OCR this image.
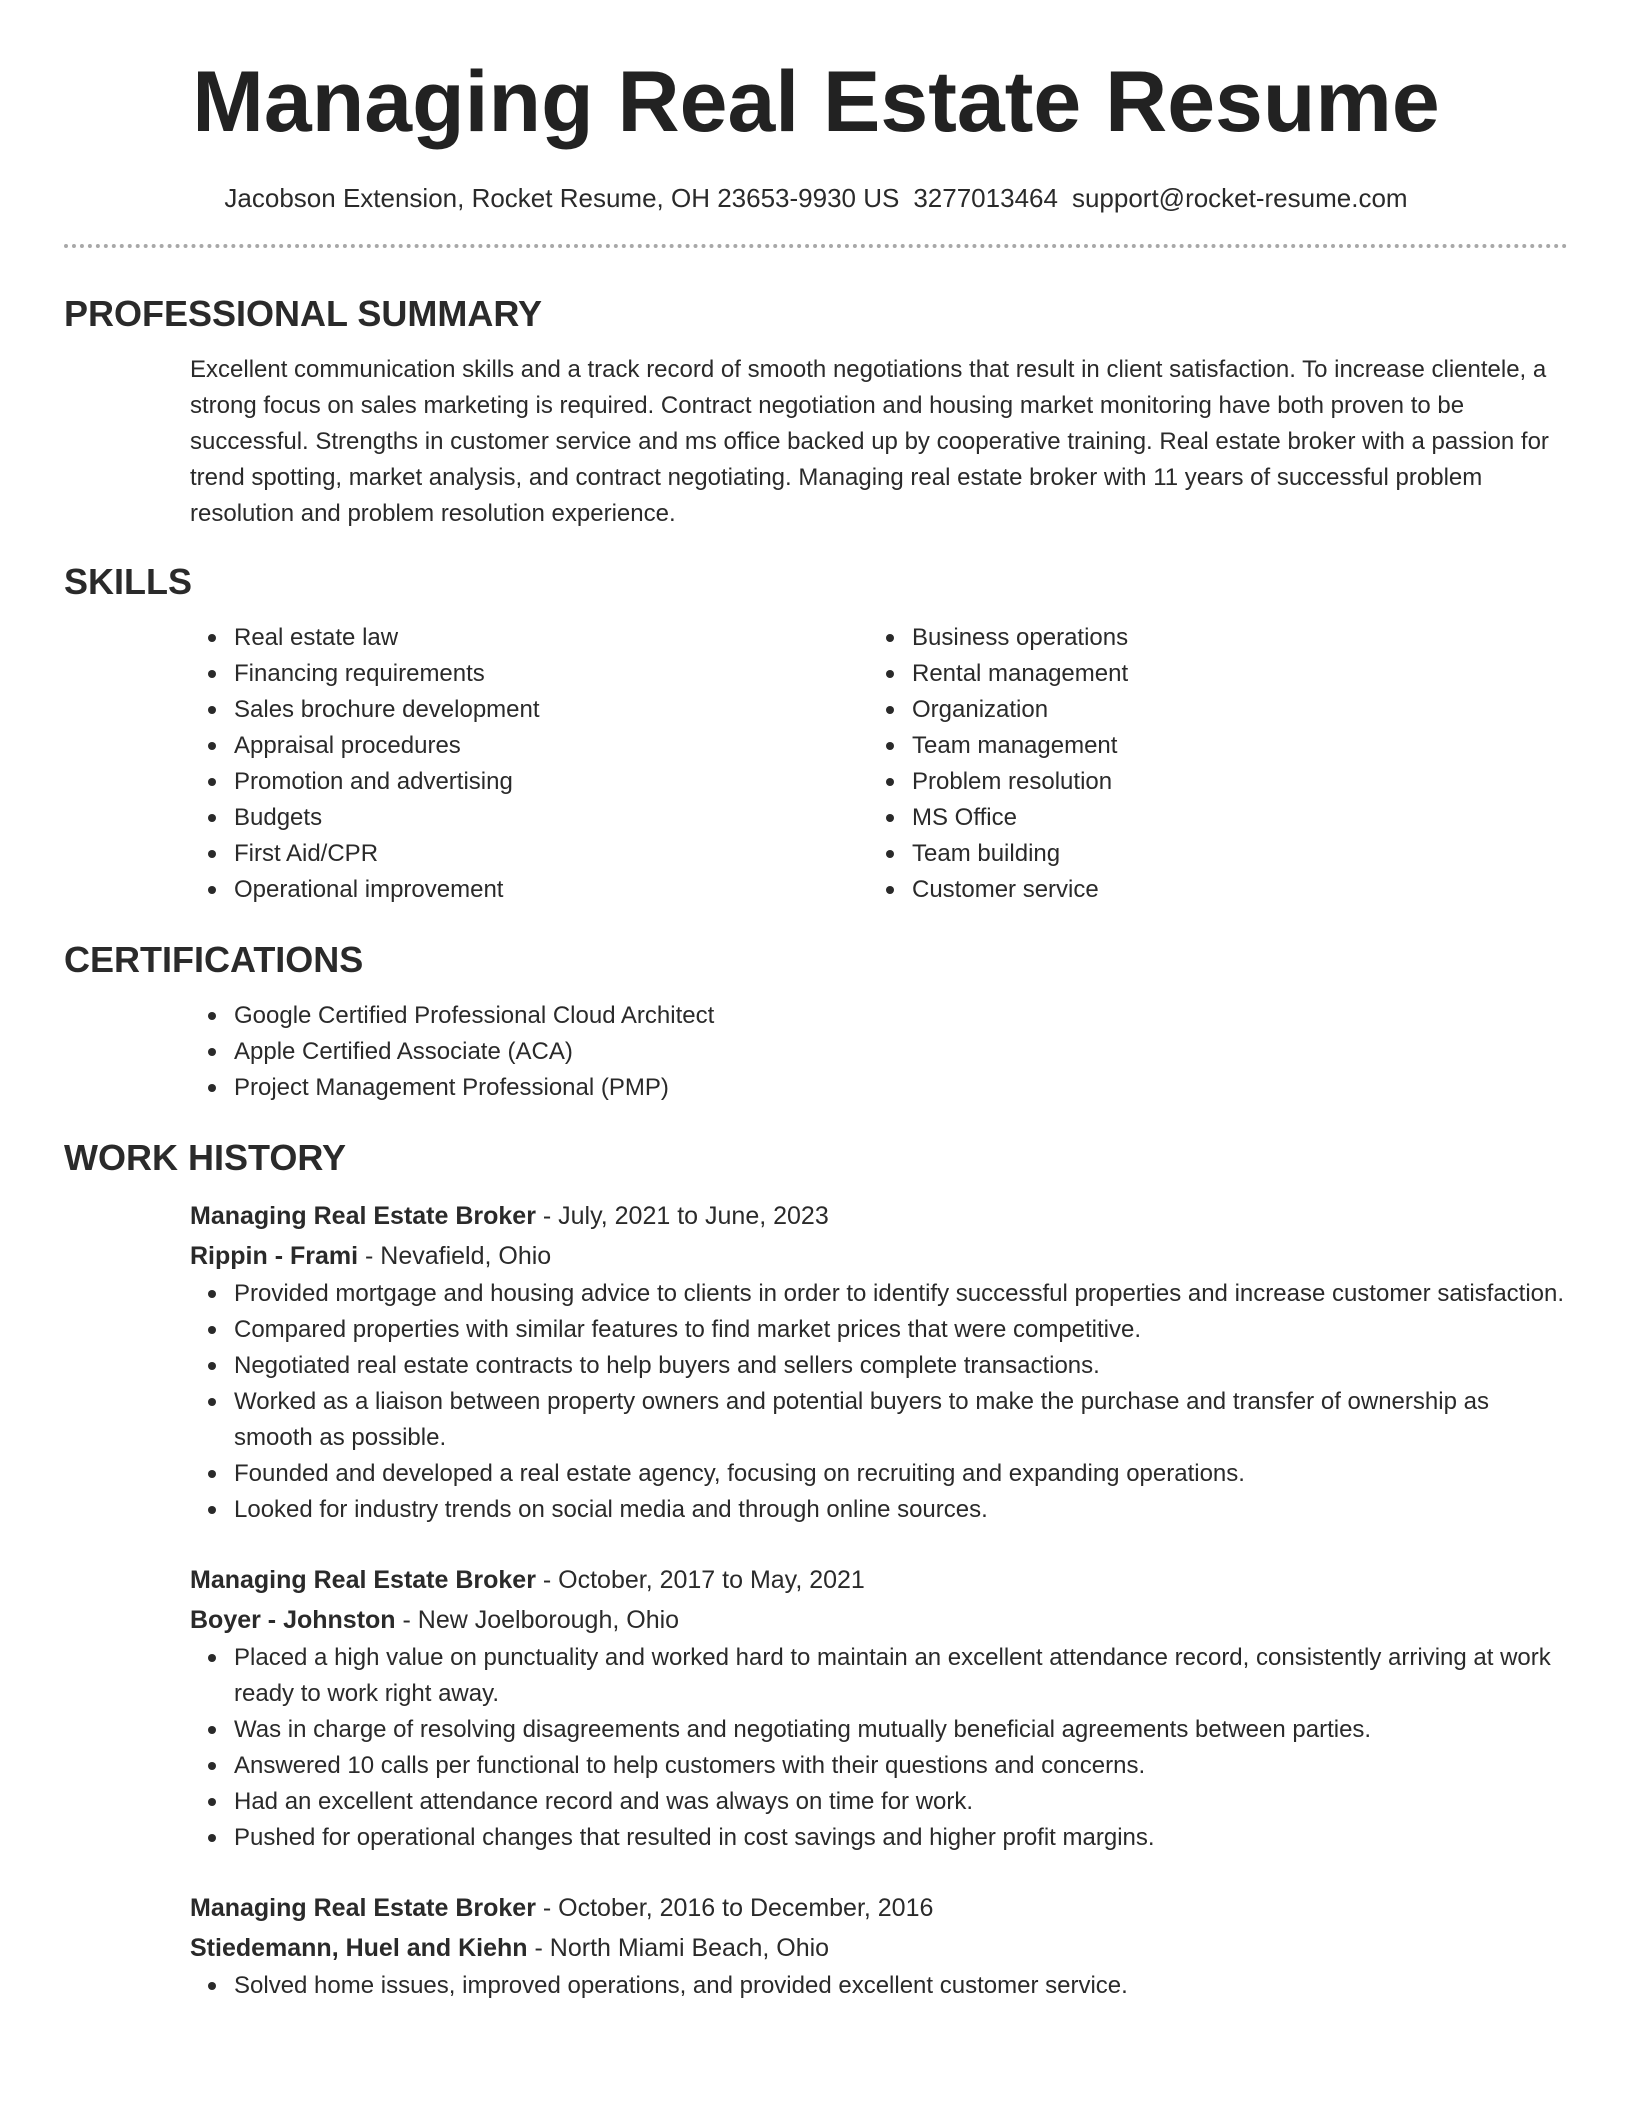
Managing Real Estate Resume
Jacobson Extension, Rocket Resume, OH 23653-9930 US 3277013464 support@rocket-resume.com
PROFESSIONAL SUMMARY

Excellent communication skills and a track record of smooth negotiations that result in client satisfaction. To increase clientele, a strong focus on sales marketing is required. Contract negotiation and housing market monitoring have both proven to be successful. Strengths in customer service and ms office backed up by cooperative training. Real estate broker with a passion for trend spotting, market analysis, and contract negotiating. Managing real estate broker with 11 years of successful problem resolution and problem resolution experience.

SKILLS
Real estate law
Financing requirements
Sales brochure development
Appraisal procedures
Promotion and advertising
Budgets
First Aid/CPR
Operational improvement
Business operations
Rental management
Organization
Team management
Problem resolution
MS Office
Team building
Customer service
CERTIFICATIONS
Google Certified Professional Cloud Architect
Apple Certified Associate (ACA)
Project Management Professional (PMP)
WORK HISTORY
Managing Real Estate Broker - July, 2021 to June, 2023
Rippin - Frami - Nevafield, Ohio
Provided mortgage and housing advice to clients in order to identify successful properties and increase customer satisfaction.
Compared properties with similar features to find market prices that were competitive.
Negotiated real estate contracts to help buyers and sellers complete transactions.
Worked as a liaison between property owners and potential buyers to make the purchase and transfer of ownership as smooth as possible.
Founded and developed a real estate agency, focusing on recruiting and expanding operations.
Looked for industry trends on social media and through online sources.
Managing Real Estate Broker - October, 2017 to May, 2021
Boyer - Johnston - New Joelborough, Ohio
Placed a high value on punctuality and worked hard to maintain an excellent attendance record, consistently arriving at work ready to work right away.
Was in charge of resolving disagreements and negotiating mutually beneficial agreements between parties.
Answered 10 calls per functional to help customers with their questions and concerns.
Had an excellent attendance record and was always on time for work.
Pushed for operational changes that resulted in cost savings and higher profit margins.
Managing Real Estate Broker - October, 2016 to December, 2016
Stiedemann, Huel and Kiehn - North Miami Beach, Ohio
Solved home issues, improved operations, and provided excellent customer service.
